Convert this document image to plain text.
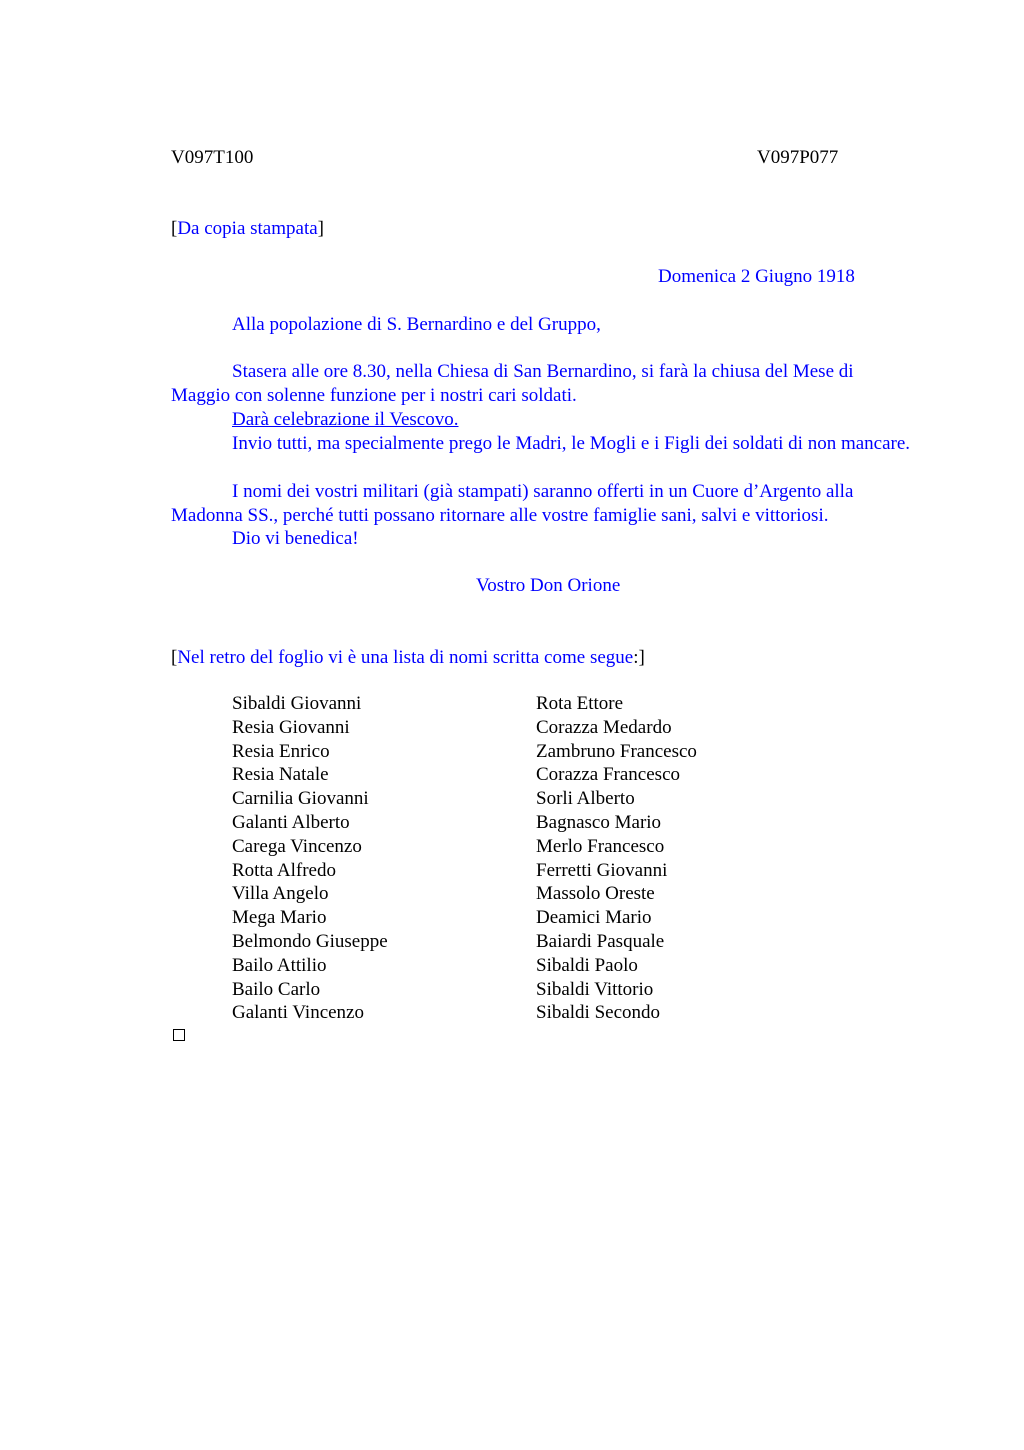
V097T100	V097P077
[Da copia stampata]
Domenica 2 Giugno 1918
Alla popolazione di S. Bernardino e del Gruppo,
Stasera alle ore 8.30, nella Chiesa di San Bernardino, si farà la chiusa del Mese di Maggio con solenne funzione per i nostri cari soldati.
Darà celebrazione il Vescovo.
Invio tutti, ma specialmente prego le Madri, le Mogli e i Figli dei soldati di non mancare.
I nomi dei vostri militari (già stampati) saranno offerti in un Cuore d’Argento alla Madonna SS., perché tutti possano ritornare alle vostre famiglie sani, salvi e vittoriosi.
Dio vi benedica!
Vostro Don Orione
[Nel retro del foglio vi è una lista di nomi scritta come segue:]
Sibaldi Giovanni
Resia Giovanni
Resia Enrico
Resia Natale
Carnilia Giovanni
Galanti Alberto
Carega Vincenzo
Rotta Alfredo
Villa Angelo
Mega Mario
Belmondo Giuseppe
Bailo Attilio
Bailo Carlo
Galanti Vincenzo
Rota Ettore
Corazza Medardo
Zambruno Francesco
Corazza Francesco
Sorli Alberto
Bagnasco Mario
Merlo Francesco
Ferretti Giovanni
Massolo Oreste
Deamici Mario
Baiardi Pasquale
Sibaldi Paolo
Sibaldi Vittorio
Sibaldi Secondo
